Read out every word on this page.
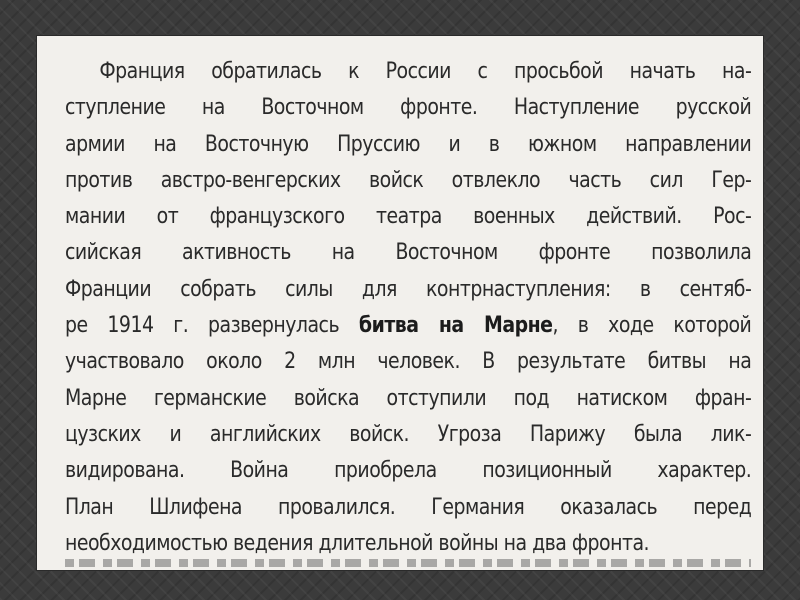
Франция обратилась к России с просьбой начать на-
ступление на Восточном фронте. Наступление русской
армии на Восточную Пруссию и в южном направлении
против австро-венгерских войск отвлекло часть сил Гер-
мании от французского театра военных действий. Рос-
сийская активность на Восточном фронте позволила
Франции собрать силы для контрнаступления: в сентяб-
ре 1914 г. развернулась битва на Марне, в ходе которой
участвовало около 2 млн человек. В результате битвы на
Марне германские войска отступили под натиском фран-
цузских и английских войск. Угроза Парижу была лик-
видирована. Война приобрела позиционный характер.
План Шлифена провалился. Германия оказалась перед
необходимостью ведения длительной войны на два фронта.
